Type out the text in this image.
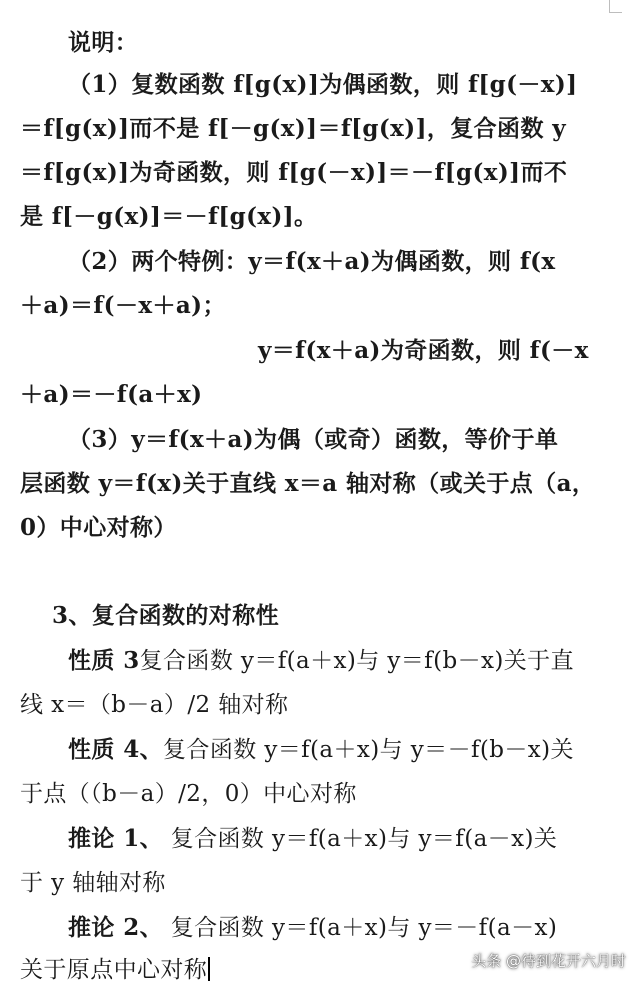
说明：
（1）复数函数 f[g(x)]为偶函数，则 f[g(－x)]
＝f[g(x)]而不是 f[－g(x)]＝f[g(x)]，复合函数 y
＝f[g(x)]为奇函数，则 f[g(－x)]＝－f[g(x)]而不
是 f[－g(x)]＝－f[g(x)]。
（2）两个特例：y＝f(x＋a)为偶函数，则 f(x
＋a)＝f(－x＋a)；
y＝f(x＋a)为奇函数，则 f(－x
＋a)＝－f(a＋x)
（3）y＝f(x＋a)为偶（或奇）函数，等价于单
层函数 y＝f(x)关于直线 x＝a 轴对称（或关于点（a，
0）中心对称）
3、复合函数的对称性
性质 3复合函数 y＝f(a＋x)与 y＝f(b－x)关于直
线 x＝（b－a）/2 轴对称
性质 4、复合函数 y＝f(a＋x)与 y＝－f(b－x)关
于点（（b－a）/2，0）中心对称
推论 1、 复合函数 y＝f(a＋x)与 y＝f(a－x)关
于 y 轴轴对称
推论 2、 复合函数 y＝f(a＋x)与 y＝－f(a－x)
关于原点中心对称	头条 @待到花开六月时
